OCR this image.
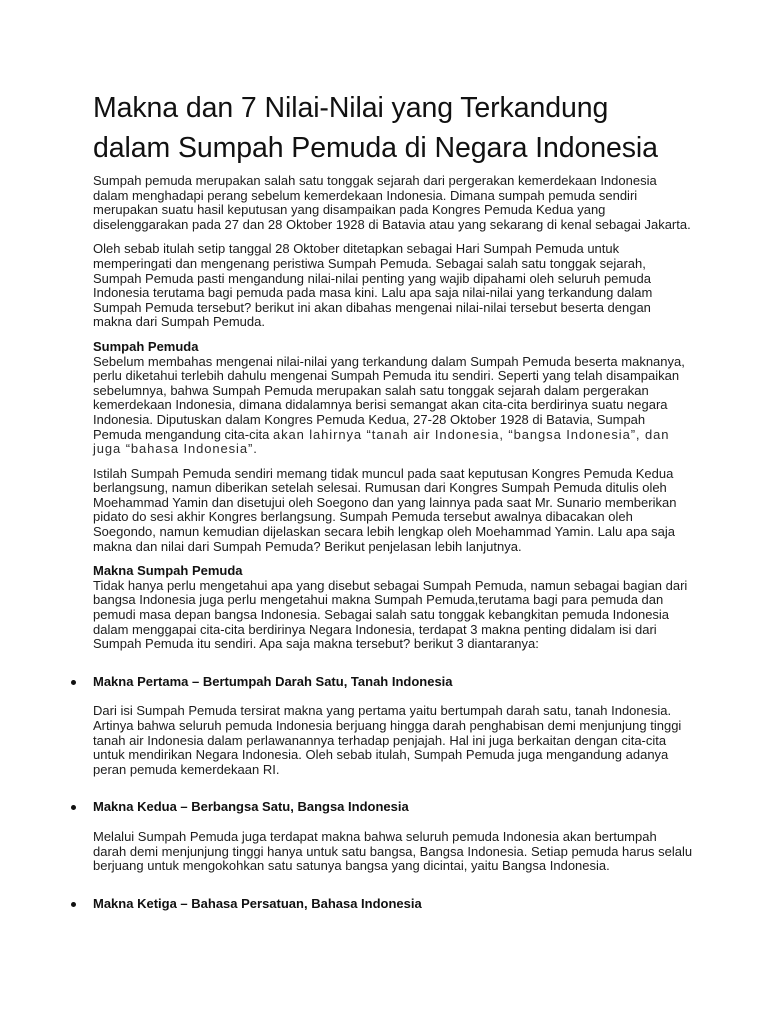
Makna dan 7 Nilai-Nilai yang Terkandung
dalam Sumpah Pemuda di Negara Indonesia

Sumpah pemuda merupakan salah satu tonggak sejarah dari pergerakan kemerdekaan Indonesia dalam menghadapi perang sebelum kemerdekaan Indonesia. Dimana sumpah pemuda sendiri merupakan suatu hasil keputusan yang disampaikan pada Kongres Pemuda Kedua yang diselenggarakan pada 27 dan 28 Oktober 1928 di Batavia atau yang sekarang di kenal sebagai Jakarta.

Oleh sebab itulah setip tanggal 28 Oktober ditetapkan sebagai Hari Sumpah Pemuda untuk memperingati dan mengenang peristiwa Sumpah Pemuda. Sebagai salah satu tonggak sejarah, Sumpah Pemuda pasti mengandung nilai-nilai penting yang wajib dipahami oleh seluruh pemuda Indonesia terutama bagi pemuda pada masa kini. Lalu apa saja nilai-nilai yang terkandung dalam Sumpah Pemuda tersebut? berikut ini akan dibahas mengenai nilai-nilai tersebut beserta dengan makna dari Sumpah Pemuda.

Sumpah Pemuda

Sebelum membahas mengenai nilai-nilai yang terkandung dalam Sumpah Pemuda beserta maknanya, perlu diketahui terlebih dahulu mengenai Sumpah Pemuda itu sendiri. Seperti yang telah disampaikan sebelumnya, bahwa Sumpah Pemuda merupakan salah satu tonggak sejarah dalam pergerakan kemerdekaan Indonesia, dimana didalamnya berisi semangat akan cita-cita berdirinya suatu negara Indonesia. Diputuskan dalam Kongres Pemuda Kedua, 27-28 Oktober 1928 di Batavia, Sumpah Pemuda mengandung cita-cita akan lahirnya “tanah air Indonesia, “bangsa Indonesia”, dan juga “bahasa Indonesia”.

Istilah Sumpah Pemuda sendiri memang tidak muncul pada saat keputusan Kongres Pemuda Kedua berlangsung, namun diberikan setelah selesai. Rumusan dari Kongres Sumpah Pemuda ditulis oleh Moehammad Yamin dan disetujui oleh Soegono dan yang lainnya pada saat Mr. Sunario memberikan pidato do sesi akhir Kongres berlangsung. Sumpah Pemuda tersebut awalnya dibacakan oleh Soegondo, namun kemudian dijelaskan secara lebih lengkap oleh Moehammad Yamin. Lalu apa saja makna dan nilai dari Sumpah Pemuda? Berikut penjelasan lebih lanjutnya.

Makna Sumpah Pemuda

Tidak hanya perlu mengetahui apa yang disebut sebagai Sumpah Pemuda, namun sebagai bagian dari bangsa Indonesia juga perlu mengetahui makna Sumpah Pemuda,terutama bagi para pemuda dan pemudi masa depan bangsa Indonesia. Sebagai salah satu tonggak kebangkitan pemuda Indonesia dalam menggapai cita-cita berdirinya Negara Indonesia, terdapat 3 makna penting didalam isi dari Sumpah Pemuda itu sendiri. Apa saja makna tersebut? berikut 3 diantaranya:

Makna Pertama – Bertumpah Darah Satu, Tanah Indonesia

Dari isi Sumpah Pemuda tersirat makna yang pertama yaitu bertumpah darah satu, tanah Indonesia. Artinya bahwa seluruh pemuda Indonesia berjuang hingga darah penghabisan demi menjunjung tinggi tanah air Indonesia dalam perlawanannya terhadap penjajah. Hal ini juga berkaitan dengan cita-cita untuk mendirikan Negara Indonesia. Oleh sebab itulah, Sumpah Pemuda juga mengandung adanya peran pemuda kemerdekaan RI.

Makna Kedua – Berbangsa Satu, Bangsa Indonesia

Melalui Sumpah Pemuda juga terdapat makna bahwa seluruh pemuda Indonesia akan bertumpah darah demi menjunjung tinggi hanya untuk satu bangsa, Bangsa Indonesia. Setiap pemuda harus selalu berjuang untuk mengokohkan satu satunya bangsa yang dicintai, yaitu Bangsa Indonesia.

Makna Ketiga – Bahasa Persatuan, Bahasa Indonesia
